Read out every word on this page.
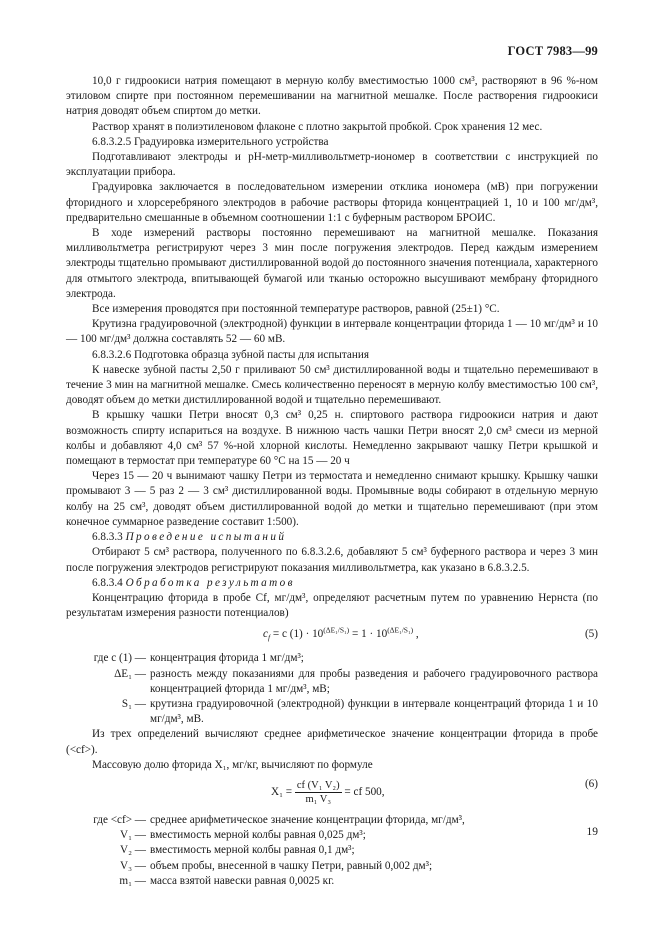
ГОСТ 7983—99

10,0 г гидроокиси натрия помещают в мерную колбу вместимостью 1000 см³, растворяют в 96 %-ном этиловом спирте при постоянном перемешивании на магнитной мешалке. После растворения гидроокиси натрия доводят объем спиртом до метки.

Раствор хранят в полиэтиленовом флаконе с плотно закрытой пробкой. Срок хранения 12 мес.

6.8.3.2.5 Градуировка измерительного устройства

Подготавливают электроды и pH-метр-милливольтметр-иономер в соответствии с инструкцией по эксплуатации прибора.

Градуировка заключается в последовательном измерении отклика иономера (мВ) при погружении фторидного и хлорсеребряного электродов в рабочие растворы фторида концентрацией 1, 10 и 100 мг/дм³, предварительно смешанные в объемном соотношении 1:1 с буферным раствором БРОИС.

В ходе измерений растворы постоянно перемешивают на магнитной мешалке. Показания милливольтметра регистрируют через 3 мин после погружения электродов. Перед каждым измерением электроды тщательно промывают дистиллированной водой до постоянного значения потенциала, характерного для отмытого электрода, впитывающей бумагой или тканью осторожно высушивают мембрану фторидного электрода.

Все измерения проводятся при постоянной температуре растворов, равной (25±1) °С.

Крутизна градуировочной (электродной) функции в интервале концентрации фторида 1 — 10 мг/дм³ и 10 — 100 мг/дм³ должна составлять 52 — 60 мВ.

6.8.3.2.6 Подготовка образца зубной пасты для испытания

К навеске зубной пасты 2,50 г приливают 50 см³ дистиллированной воды и тщательно перемешивают в течение 3 мин на магнитной мешалке. Смесь количественно переносят в мерную колбу вместимостью 100 см³, доводят объем до метки дистиллированной водой и тщательно перемешивают.

В крышку чашки Петри вносят 0,3 см³ 0,25 н. спиртового раствора гидроокиси натрия и дают возможность спирту испариться на воздухе. В нижнюю часть чашки Петри вносят 2,0 см³ смеси из мерной колбы и добавляют 4,0 см³ 57 %-ной хлорной кислоты. Немедленно закрывают чашку Петри крышкой и помещают в термостат при температуре 60 °С на 15 — 20 ч

Через 15 — 20 ч вынимают чашку Петри из термостата и немедленно снимают крышку. Крышку чашки промывают 3 — 5 раз 2 — 3 см³ дистиллированной воды. Промывные воды собирают в отдельную мерную колбу на 25 см³, доводят объем дистиллированной водой до метки и тщательно перемешивают (при этом конечное суммарное разведение составит 1:500).

6.8.3.3 Проведение испытаний

Отбирают 5 см³ раствора, полученного по 6.8.3.2.6, добавляют 5 см³ буферного раствора и через 3 мин после погружения электродов регистрируют показания милливольтметра, как указано в 6.8.3.2.5.

6.8.3.4 Обработка результатов

Концентрацию фторида в пробе Cf, мг/дм³, определяют расчетным путем по уравнению Нернста (по результатам измерения разности потенциалов)

$c_f = c$ $(1) \cdot 10^{(\Delta E_1/S_1)} = 1 \cdot 10^{(\Delta E_1/S_1)}$ ,	(5)
где c (1) — концентрация фторида 1 мг/дм³;
ΔE₁ — разность между показаниями для пробы разведения и рабочего градуировочного раствора концентрацией фторида 1 мг/дм³, мВ;
S₁ — крутизна градуировочной (электродной) функции в интервале концентраций фторида 1 и 10 мг/дм³, мВ.

Из трех определений вычисляют среднее арифметическое значение концентрации фторида в пробе (<cf>).

Массовую долю фторида X₁, мг/кг, вычисляют по формуле

$X_1 = \frac{\text{cf (V₁ V₂)}}{\text{m₁ V₃}}$ = cf 500,
(6)
где <cf> — среднее арифметическое значение концентрации фторида, мг/дм³,
V₁ — вместимость мерной колбы равная 0,025 дм³;
V₂ — вместимость мерной колбы равная 0,1 дм³;
V₃ — объем пробы, внесенной в чашку Петри, равный 0,002 дм³;
m₁ — масса взятой навески равная 0,0025 кг.
19
